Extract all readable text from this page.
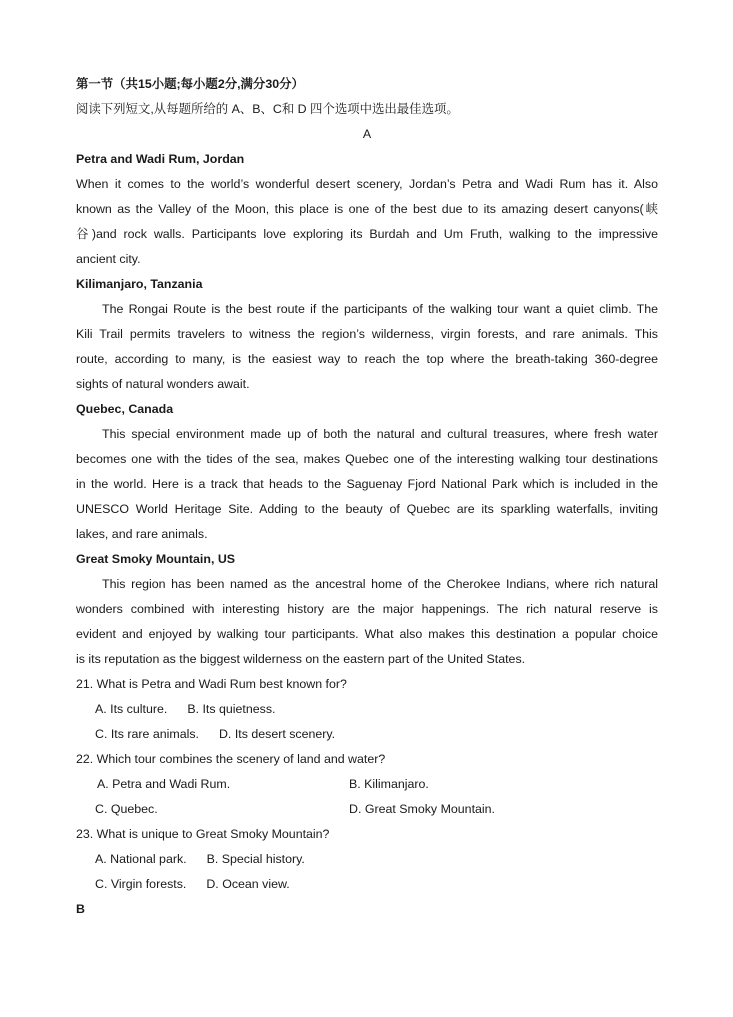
第一节（共15小题;每小题2分,满分30分）
阅读下列短文,从每题所给的 A、B、C和 D 四个选项中选出最佳选项。
A
Petra and Wadi Rum, Jordan
When it comes to the world’s wonderful desert scenery, Jordan’s Petra and Wadi Rum has it. Also
known as the Valley of the Moon, this place is one of the best due to its amazing desert canyons(峡
谷)and rock walls. Participants love exploring its Burdah and Um Fruth, walking to the impressive
ancient city.
Kilimanjaro, Tanzania
The Rongai Route is the best route if the participants of the walking tour want a quiet climb. The
Kili Trail permits travelers to witness the region’s wilderness, virgin forests, and rare animals. This
route, according to many, is the easiest way to reach the top where the breath-taking 360-degree
sights of natural wonders await.
Quebec, Canada
This special environment made up of both the natural and cultural treasures, where fresh water
becomes one with the tides of the sea, makes Quebec one of the interesting walking tour destinations
in the world. Here is a track that heads to the Saguenay Fjord National Park which is included in the
UNESCO World Heritage Site. Adding to the beauty of Quebec are its sparkling waterfalls, inviting
lakes, and rare animals.
Great Smoky Mountain, US
This region has been named as the ancestral home of the Cherokee Indians, where rich natural
wonders combined with interesting history are the major happenings. The rich natural reserve is
evident and enjoyed by walking tour participants. What also makes this destination a popular choice
is its reputation as the biggest wilderness on the eastern part of the United States.
21. What is Petra and Wadi Rum best known for?
A. Its culture. B. Its quietness.
C. Its rare animals. D. Its desert scenery.
22. Which tour combines the scenery of land and water?
A. Petra and Wadi Rum.	B. Kilimanjaro.
C. Quebec.	D. Great Smoky Mountain.
23. What is unique to Great Smoky Mountain?
A. National park. B. Special history.
C. Virgin forests. D. Ocean view.
B
